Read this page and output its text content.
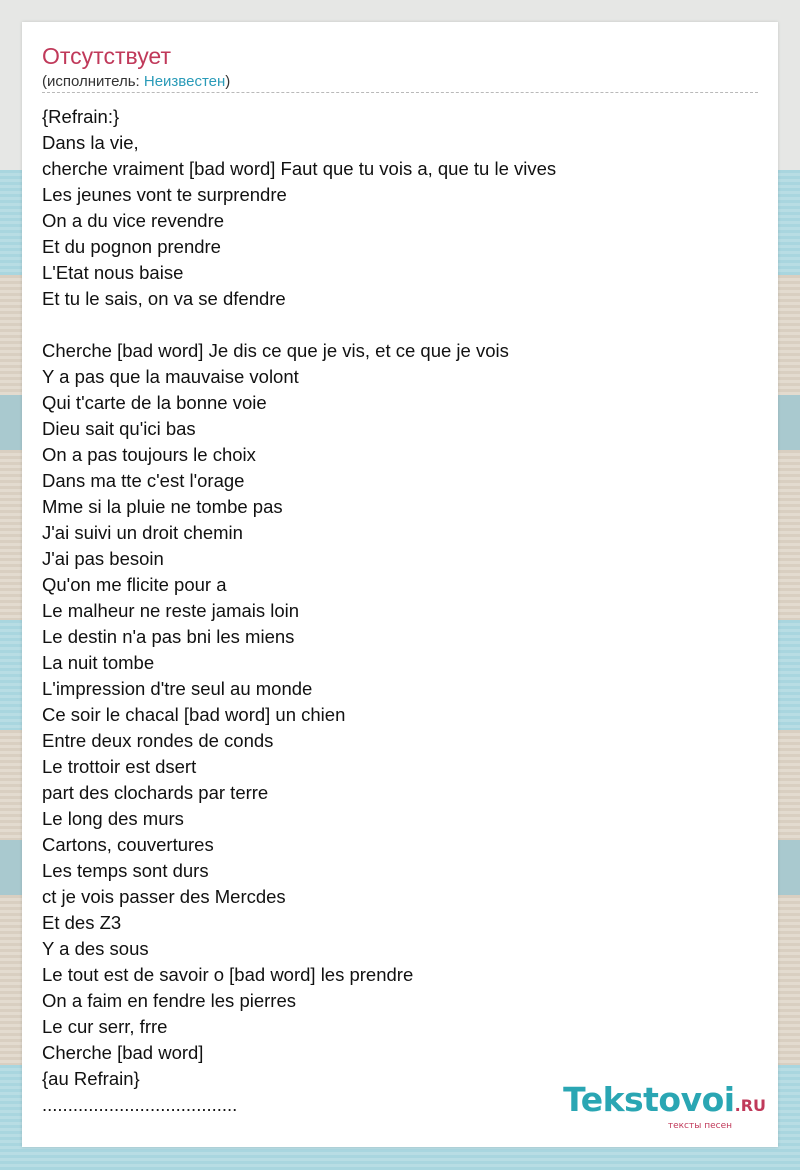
Отсутствует
(исполнитель: Неизвестен)
{Refrain:}
Dans la vie,
cherche vraiment [bad word] Faut que tu vois a, que tu le vives
Les jeunes vont te surprendre
On a du vice revendre
Et du pognon prendre
L'Etat nous baise
Et tu le sais, on va se dfendre
Cherche [bad word] Je dis ce que je vis, et ce que je vois
Y a pas que la mauvaise volont
Qui t'carte de la bonne voie
Dieu sait qu'ici bas
On a pas toujours le choix
Dans ma tte c'est l'orage
Mme si la pluie ne tombe pas
J'ai suivi un droit chemin
J'ai pas besoin
Qu'on me flicite pour a
Le malheur ne reste jamais loin
Le destin n'a pas bni les miens
La nuit tombe
L'impression d'tre seul au monde
Ce soir le chacal [bad word] un chien
Entre deux rondes de conds
Le trottoir est dsert
part des clochards par terre
Le long des murs
Cartons, couvertures
Les temps sont durs
ct je vois passer des Mercdes
Et des Z3
Y a des sous
Le tout est de savoir o [bad word] les prendre
On a faim en fendre les pierres
Le cur serr, frre
Cherche [bad word]
{au Refrain}
......................................	Tekstovoi.RU
тексты песен
